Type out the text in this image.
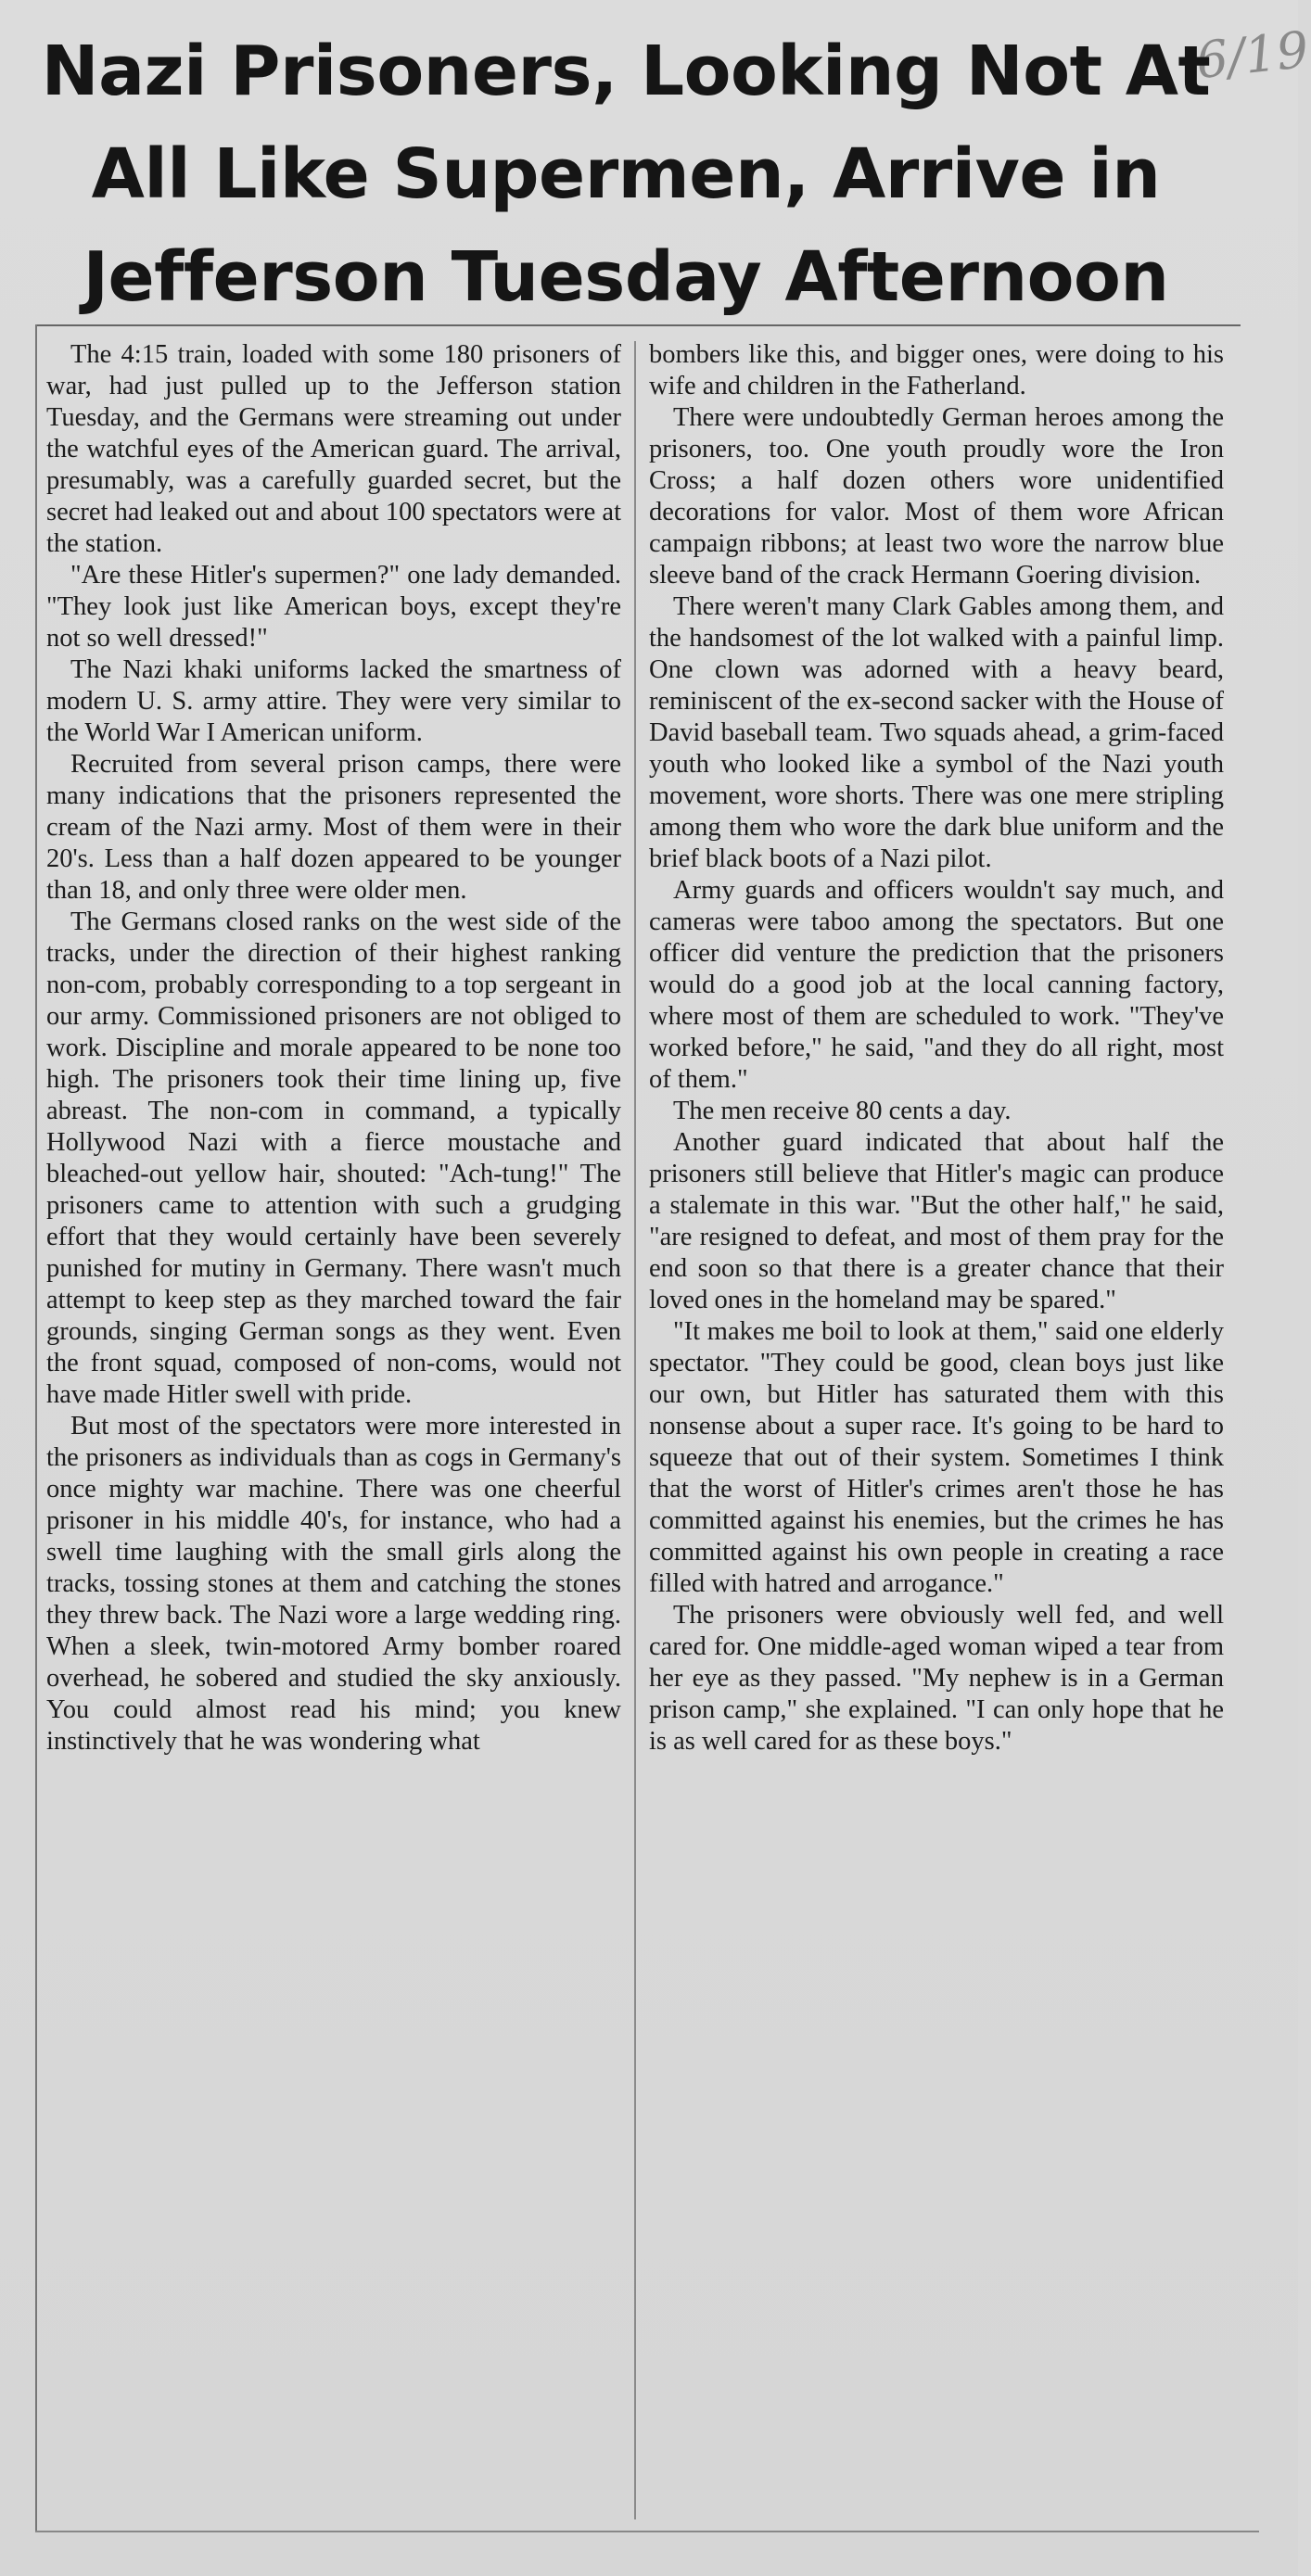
6/19
Nazi Prisoners, Looking Not At All Like Supermen, Arrive in Jefferson Tuesday Afternoon

The 4:15 train, loaded with some 180 prisoners of war, had just pulled up to the Jefferson station Tuesday, and the Germans were streaming out under the watchful eyes of the American guard. The arrival, presumably, was a carefully guarded secret, but the secret had leaked out and about 100 spectators were at the station.

"Are these Hitler's supermen?" one lady demanded. "They look just like American boys, except they're not so well dressed!"

The Nazi khaki uniforms lacked the smartness of modern U. S. army attire. They were very similar to the World War I American uniform.

Recruited from several prison camps, there were many indications that the prisoners represented the cream of the Nazi army. Most of them were in their 20's. Less than a half dozen appeared to be younger than 18, and only three were older men.

The Germans closed ranks on the west side of the tracks, under the direction of their highest ranking non-com, probably corresponding to a top sergeant in our army. Commissioned prisoners are not obliged to work. Discipline and morale appeared to be none too high. The prisoners took their time lining up, five abreast. The non-com in command, a typically Hollywood Nazi with a fierce moustache and bleached-out yellow hair, shouted: "Ach-tung!" The prisoners came to attention with such a grudging effort that they would certainly have been severely punished for mutiny in Germany. There wasn't much attempt to keep step as they marched toward the fair grounds, singing German songs as they went. Even the front squad, composed of non-coms, would not have made Hitler swell with pride.

But most of the spectators were more interested in the prisoners as individuals than as cogs in Germany's once mighty war machine. There was one cheerful prisoner in his middle 40's, for instance, who had a swell time laughing with the small girls along the tracks, tossing stones at them and catching the stones they threw back. The Nazi wore a large wedding ring. When a sleek, twin-motored Army bomber roared overhead, he sobered and studied the sky anxiously. You could almost read his mind; you knew instinctively that he was wondering what

bombers like this, and bigger ones, were doing to his wife and children in the Fatherland.

There were undoubtedly German heroes among the prisoners, too. One youth proudly wore the Iron Cross; a half dozen others wore unidentified decorations for valor. Most of them wore African campaign ribbons; at least two wore the narrow blue sleeve band of the crack Hermann Goering division.

There weren't many Clark Gables among them, and the handsomest of the lot walked with a painful limp. One clown was adorned with a heavy beard, reminiscent of the ex-second sacker with the House of David baseball team. Two squads ahead, a grim-faced youth who looked like a symbol of the Nazi youth movement, wore shorts. There was one mere stripling among them who wore the dark blue uniform and the brief black boots of a Nazi pilot.

Army guards and officers wouldn't say much, and cameras were taboo among the spectators. But one officer did venture the prediction that the prisoners would do a good job at the local canning factory, where most of them are scheduled to work. "They've worked before," he said, "and they do all right, most of them."

The men receive 80 cents a day.

Another guard indicated that about half the prisoners still believe that Hitler's magic can produce a stalemate in this war. "But the other half," he said, "are resigned to defeat, and most of them pray for the end soon so that there is a greater chance that their loved ones in the homeland may be spared."

"It makes me boil to look at them," said one elderly spectator. "They could be good, clean boys just like our own, but Hitler has saturated them with this nonsense about a super race. It's going to be hard to squeeze that out of their system. Sometimes I think that the worst of Hitler's crimes aren't those he has committed against his enemies, but the crimes he has committed against his own people in creating a race filled with hatred and arrogance."

The prisoners were obviously well fed, and well cared for. One middle-aged woman wiped a tear from her eye as they passed. "My nephew is in a German prison camp," she explained. "I can only hope that he is as well cared for as these boys."
